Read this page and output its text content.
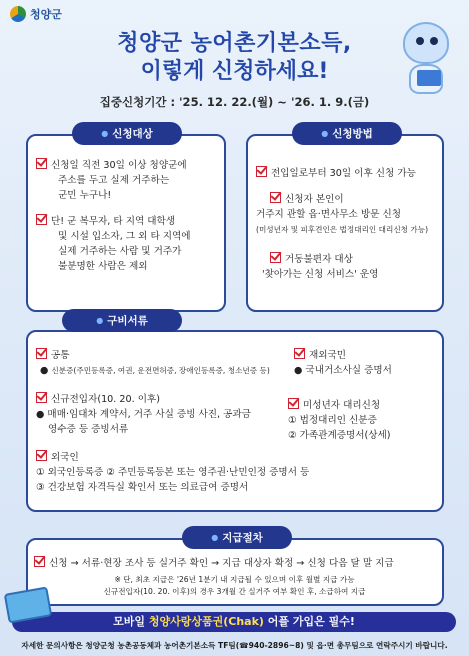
청양군
청양군 농어촌기본소득,
이렇게 신청하세요!
집중신청기간 : '25. 12. 22.(월) ~ '26. 1. 9.(금)
● 신청대상
신청일 직전 30일 이상 청양군에
주소를 두고 실제 거주하는
군민 누구나!
단! 군 복무자, 타 지역 대학생
및 시설 입소자, 그 외 타 지역에
실제 거주하는 사람 및 거주가
불분명한 사람은 제외
● 신청방법
전입일로부터 30일 이후 신청 가능
신청자 본인이
거주지 관할 읍·면사무소 방문 신청
(미성년자 및 피후견인은 법정대리인 대리신청 가능)
거동불편자 대상
'찾아가는 신청 서비스' 운영
● 구비서류
공통
● 신분증(주민등록증, 여권, 운전면허증, 장애인등록증, 청소년증 등)
신규전입자(10. 20. 이후)
● 매매·임대차 계약서, 거주 사실 증빙 사진, 공과금
영수증 등 증빙서류
재외국민
● 국내거소사실 증명서
미성년자 대리신청
① 법정대리인 신분증
② 가족관계증명서(상세)
외국인
① 외국인등록증 ② 주민등록등본 또는 영주권·난민인정 증명서 등
③ 건강보험 자격득실 확인서 또는 의료급여 증명서
● 지급절차
신청 → 서류·현장 조사 등 실거주 확인 → 지급 대상자 확정 → 신청 다음 달 말 지급
※ 단, 최초 지급은 '26년 1분기 내 지급될 수 있으며 이후 월별 지급 가능
신규전입자(10. 20. 이후)의 경우 3개월 간 실거주 여부 확인 후, 소급하여 지급
모바일 청양사랑상품권(Chak) 어플 가입은 필수!
자세한 문의사항은 청양군청 농촌공동체과 농어촌기본소득 TF팀(☎940-2896~8) 및 읍·면 총무팀으로 연락주시기 바랍니다.
